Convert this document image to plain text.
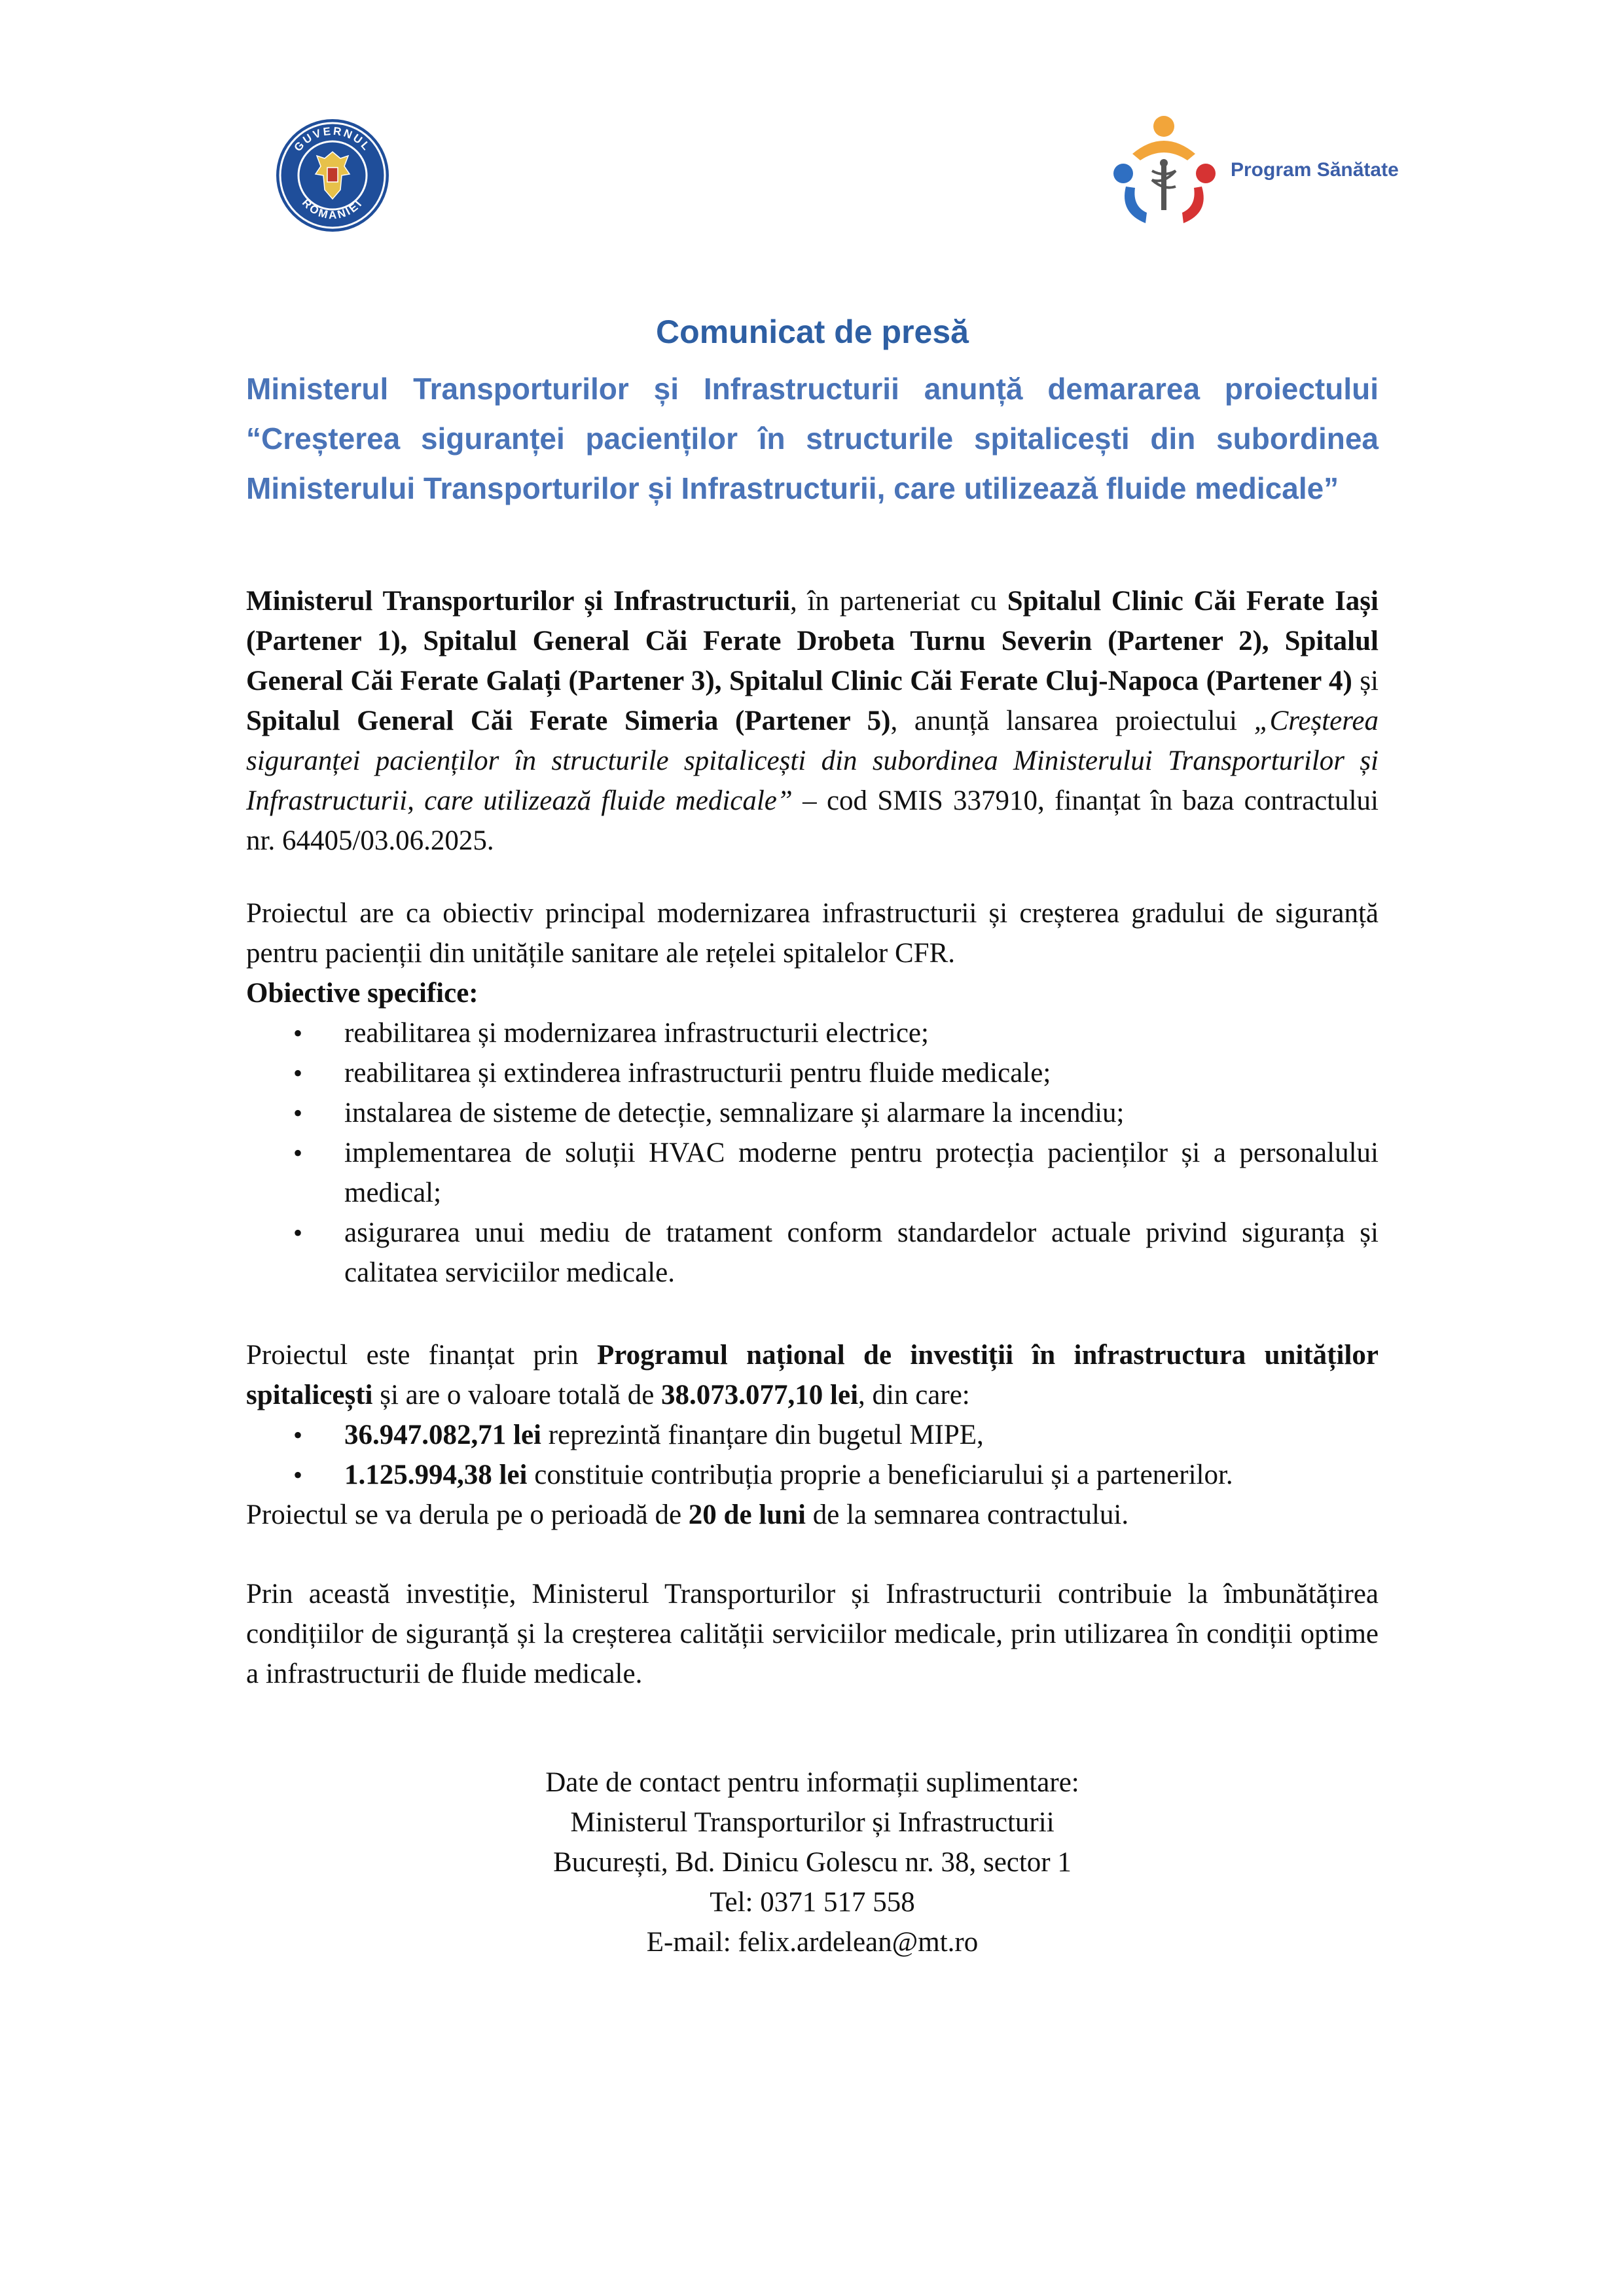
GUVERNUL
ROMÂNIEI
Program Sănătate
Comunicat de presă
Ministerul Transporturilor și Infrastructurii anunță demararea proiectului “Creșterea siguranței pacienților în structurile spitalicești din subordinea Ministerului Transporturilor și Infrastructurii, care utilizează fluide medicale”
Ministerul Transporturilor și Infrastructurii, în parteneriat cu Spitalul Clinic Căi Ferate Iași (Partener 1), Spitalul General Căi Ferate Drobeta Turnu Severin (Partener 2), Spitalul General Căi Ferate Galați (Partener 3), Spitalul Clinic Căi Ferate Cluj-Napoca (Partener 4) și Spitalul General Căi Ferate Simeria (Partener 5), anunță lansarea proiectului „Creșterea siguranței pacienților în structurile spitalicești din subordinea Ministerului Transporturilor și Infrastructurii, care utilizează fluide medicale” – cod SMIS 337910, finanțat în baza contractului nr. 64405/03.06.2025.
Proiectul are ca obiectiv principal modernizarea infrastructurii și creșterea gradului de siguranță pentru pacienții din unitățile sanitare ale rețelei spitalelor CFR.
Obiective specifice:
• reabilitarea și modernizarea infrastructurii electrice;
• reabilitarea și extinderea infrastructurii pentru fluide medicale;
• instalarea de sisteme de detecție, semnalizare și alarmare la incendiu;
• implementarea de soluții HVAC moderne pentru protecția pacienților și a personalului medical;
• asigurarea unui mediu de tratament conform standardelor actuale privind siguranța și calitatea serviciilor medicale.
Proiectul este finanțat prin Programul național de investiții în infrastructura unităților spitalicești și are o valoare totală de 38.073.077,10 lei, din care:
• 36.947.082,71 lei reprezintă finanțare din bugetul MIPE,
• 1.125.994,38 lei constituie contribuția proprie a beneficiarului și a partenerilor.
Proiectul se va derula pe o perioadă de 20 de luni de la semnarea contractului.
Prin această investiție, Ministerul Transporturilor și Infrastructurii contribuie la îmbunătățirea condițiilor de siguranță și la creșterea calității serviciilor medicale, prin utilizarea în condiții optime a infrastructurii de fluide medicale.
Date de contact pentru informații suplimentare:
Ministerul Transporturilor și Infrastructurii
București, Bd. Dinicu Golescu nr. 38, sector 1
Tel: 0371 517 558
E-mail: felix.ardelean@mt.ro
